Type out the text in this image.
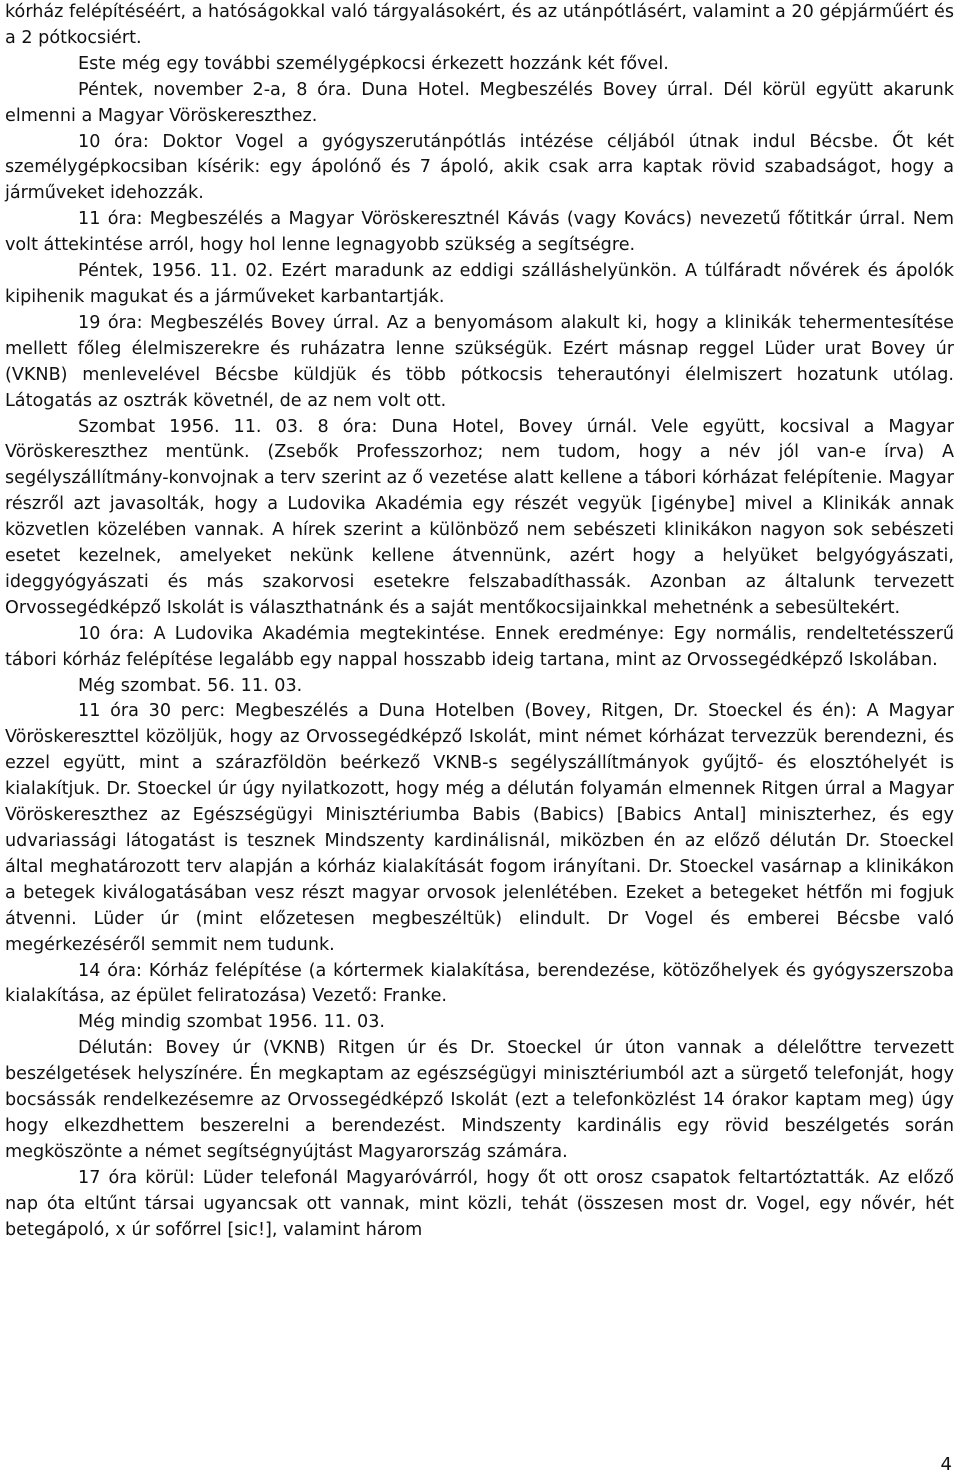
kórház felépítéséért, a hatóságokkal való tárgyalásokért, és az utánpótlásért, valamint a 20 gépjárműért és a 2 pótkocsiért.

Este még egy további személygépkocsi érkezett hozzánk két fővel.

Péntek, november 2-a, 8 óra. Duna Hotel. Megbeszélés Bovey úrral. Dél körül együtt akarunk elmenni a Magyar Vöröskereszthez.

10 óra: Doktor Vogel a gyógyszerutánpótlás intézése céljából útnak indul Bécsbe. Őt két személygépkocsiban kísérik: egy ápolónő és 7 ápoló, akik csak arra kaptak rövid szabadságot, hogy a járműveket idehozzák.

11 óra: Megbeszélés a Magyar Vöröskeresztnél Kávás (vagy Kovács) nevezetű főtitkár úrral. Nem volt áttekintése arról, hogy hol lenne legnagyobb szükség a segítségre.

Péntek, 1956. 11. 02. Ezért maradunk az eddigi szálláshelyünkön. A túlfáradt nővérek és ápolók kipihenik magukat és a járműveket karbantartják.

19 óra: Megbeszélés Bovey úrral. Az a benyomásom alakult ki, hogy a klinikák tehermentesítése mellett főleg élelmiszerekre és ruházatra lenne szükségük. Ezért másnap reggel Lüder urat Bovey úr (VKNB) menlevelével Bécsbe küldjük és több pótkocsis teherautónyi élelmiszert hozatunk utólag. Látogatás az osztrák követnél, de az nem volt ott.

Szombat 1956. 11. 03. 8 óra: Duna Hotel, Bovey úrnál. Vele együtt, kocsival a Magyar Vöröskereszthez mentünk. (Zsebők Professzorhoz; nem tudom, hogy a név jól van-e írva) A segélyszállítmány-konvojnak a terv szerint az ő vezetése alatt kellene a tábori kórházat felépítenie. Magyar részről azt javasolták, hogy a Ludovika Akadémia egy részét vegyük [igénybe] mivel a Klinikák annak közvetlen közelében vannak. A hírek szerint a különböző nem sebészeti klinikákon nagyon sok sebészeti esetet kezelnek, amelyeket nekünk kellene átvennünk, azért hogy a helyüket belgyógyászati, ideggyógyászati és más szakorvosi esetekre felszabadíthassák. Azonban az általunk tervezett Orvossegédképző Iskolát is választhatnánk és a saját mentőkocsijainkkal mehetnénk a sebesültekért.

10 óra: A Ludovika Akadémia megtekintése. Ennek eredménye: Egy normális, rendeltetésszerű tábori kórház felépítése legalább egy nappal hosszabb ideig tartana, mint az Orvossegédképző Iskolában.

Még szombat. 56. 11. 03.

11 óra 30 perc: Megbeszélés a Duna Hotelben (Bovey, Ritgen, Dr. Stoeckel és én): A Magyar Vöröskereszttel közöljük, hogy az Orvossegédképző Iskolát, mint német kórházat tervezzük berendezni, és ezzel együtt, mint a szárazföldön beérkező VKNB-s segélyszállítmányok gyűjtő- és elosztóhelyét is kialakítjuk. Dr. Stoeckel úr úgy nyilatkozott, hogy még a délután folyamán elmennek Ritgen úrral a Magyar Vöröskereszthez az Egészségügyi Minisztériumba Babis (Babics) [Babics Antal] miniszterhez, és egy udvariassági látogatást is tesznek Mindszenty kardinálisnál, miközben én az előző délután Dr. Stoeckel által meghatározott terv alapján a kórház kialakítását fogom irányítani. Dr. Stoeckel vasárnap a klinikákon a betegek kiválogatásában vesz részt magyar orvosok jelenlétében. Ezeket a betegeket hétfőn mi fogjuk átvenni. Lüder úr (mint előzetesen megbeszéltük) elindult. Dr Vogel és emberei Bécsbe való megérkezéséről semmit nem tudunk.

14 óra: Kórház felépítése (a kórtermek kialakítása, berendezése, kötözőhelyek és gyógyszerszoba kialakítása, az épület feliratozása) Vezető: Franke.

Még mindig szombat 1956. 11. 03.

Délután: Bovey úr (VKNB) Ritgen úr és Dr. Stoeckel úr úton vannak a délelőttre tervezett beszélgetések helyszínére. Én megkaptam az egészségügyi minisztériumból azt a sürgető telefonját, hogy bocsássák rendelkezésemre az Orvossegédképző Iskolát (ezt a telefonközlést 14 órakor kaptam meg) úgy hogy elkezdhettem beszerelni a berendezést. Mindszenty kardinális egy rövid beszélgetés során megköszönte a német segítségnyújtást Magyarország számára.

17 óra körül: Lüder telefonál Magyaróvárról, hogy őt ott orosz csapatok feltartóztatták. Az előző nap óta eltűnt társai ugyancsak ott vannak, mint közli, tehát (összesen most dr. Vogel, egy nővér, hét betegápoló, x úr sofőrrel [sic!], valamint három

4
